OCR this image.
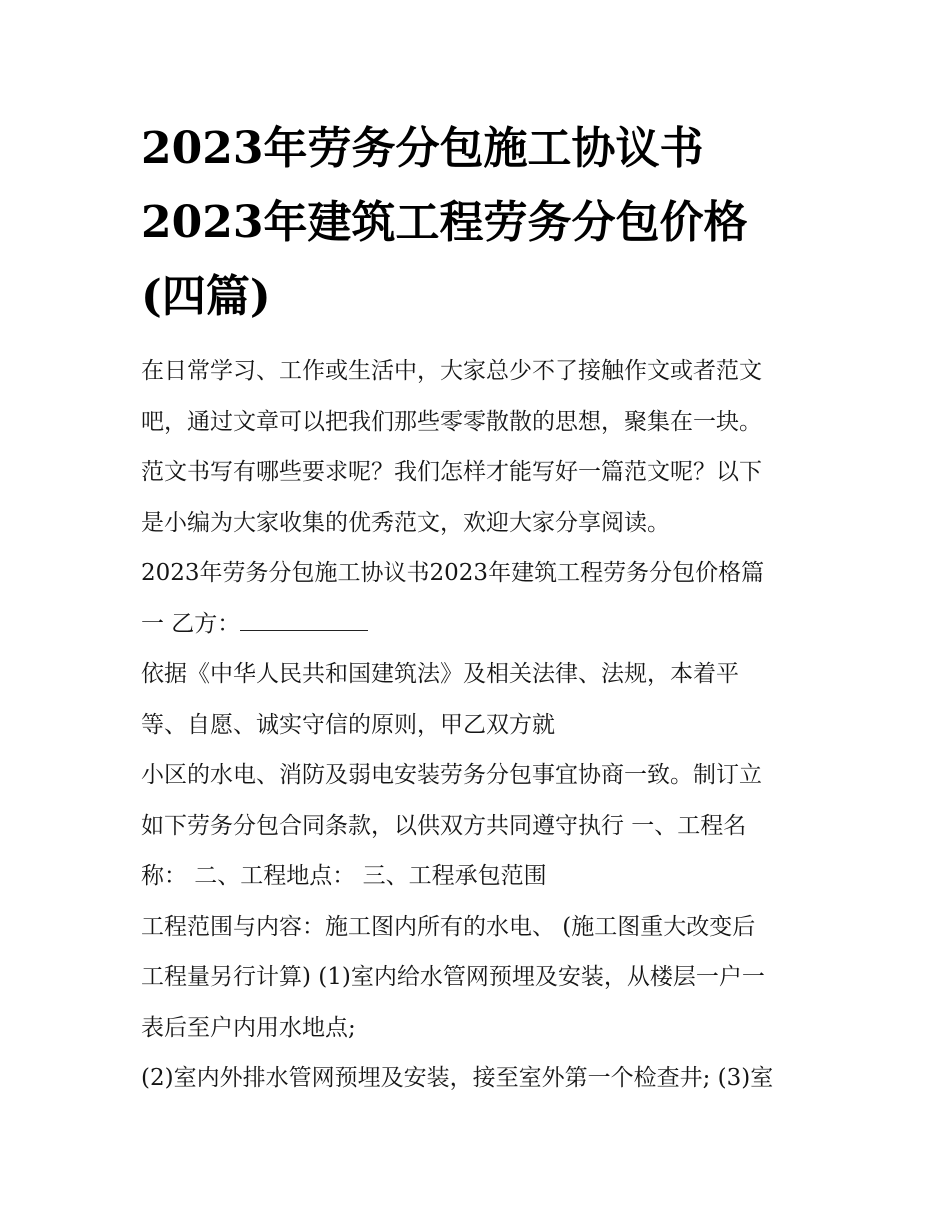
2023年劳务分包施工协议书
2023年建筑工程劳务分包价格
(四篇)
在日常学习、工作或生活中，大家总少不了接触作文或者范文
吧，通过文章可以把我们那些零零散散的思想，聚集在一块。
范文书写有哪些要求呢？我们怎样才能写好一篇范文呢？以下
是小编为大家收集的优秀范文，欢迎大家分享阅读。
2023年劳务分包施工协议书2023年建筑工程劳务分包价格篇
一 乙方：
依据《中华人民共和国建筑法》及相关法律、法规，本着平
等、自愿、诚实守信的原则，甲乙双方就
小区的水电、消防及弱电安装劳务分包事宜协商一致。制订立
如下劳务分包合同条款，以供双方共同遵守执行 一、工程名
称： 二、工程地点： 三、工程承包范围
工程范围与内容：施工图内所有的水电、 (施工图重大改变后
工程量另行计算) (1)室内给水管网预埋及安装，从楼层一户一
表后至户内用水地点;
(2)室内外排水管网预埋及安装，接至室外第一个检查井; (3)室
